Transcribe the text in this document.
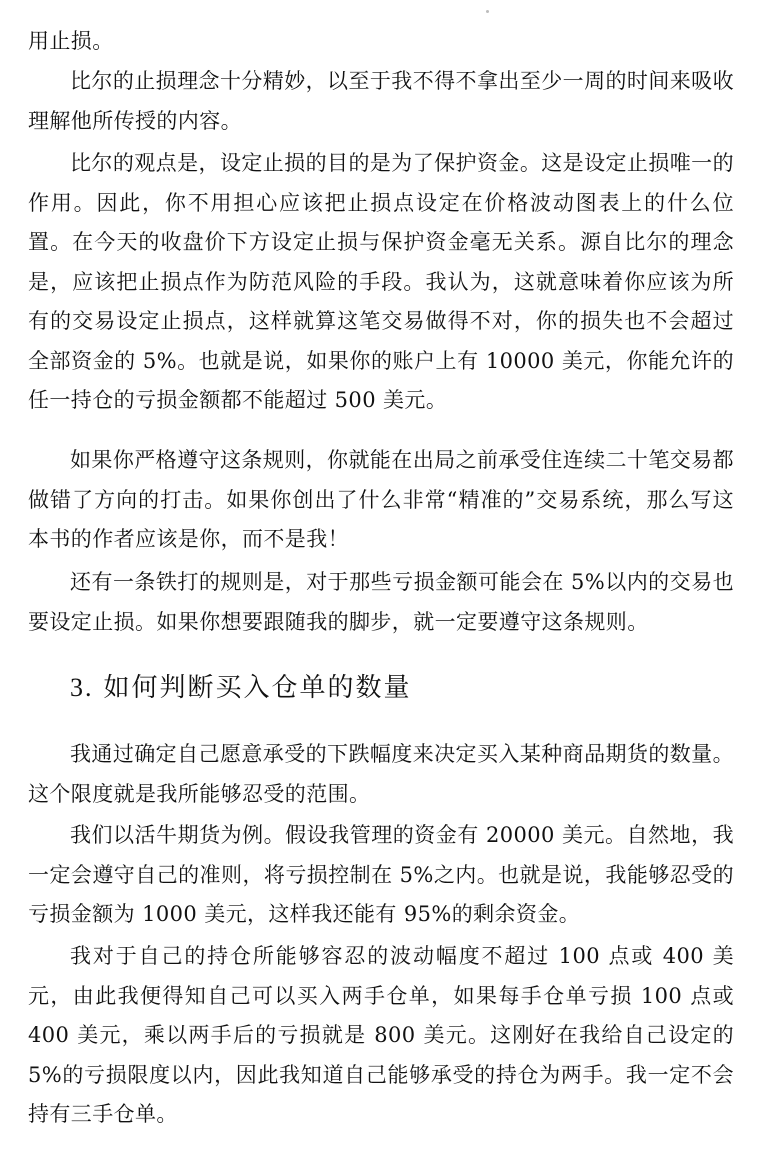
用止损。

比尔的止损理念十分精妙，以至于我不得不拿出至少一周的时间来吸收理解他所传授的内容。

比尔的观点是，设定止损的目的是为了保护资金。这是设定止损唯一的作用。因此，你不用担心应该把止损点设定在价格波动图表上的什么位置。在今天的收盘价下方设定止损与保护资金毫无关系。源自比尔的理念是，应该把止损点作为防范风险的手段。我认为，这就意味着你应该为所有的交易设定止损点，这样就算这笔交易做得不对，你的损失也不会超过全部资金的 5%。也就是说，如果你的账户上有 10000 美元，你能允许的任一持仓的亏损金额都不能超过 500 美元。

如果你严格遵守这条规则，你就能在出局之前承受住连续二十笔交易都做错了方向的打击。如果你创出了什么非常“精准的”交易系统，那么写这本书的作者应该是你，而不是我！

还有一条铁打的规则是，对于那些亏损金额可能会在 5%以内的交易也要设定止损。如果你想要跟随我的脚步，就一定要遵守这条规则。

3. 如何判断买入仓单的数量

我通过确定自己愿意承受的下跌幅度来决定买入某种商品期货的数量。这个限度就是我所能够忍受的范围。

我们以活牛期货为例。假设我管理的资金有 20000 美元。自然地，我一定会遵守自己的准则，将亏损控制在 5%之内。也就是说，我能够忍受的亏损金额为 1000 美元，这样我还能有 95%的剩余资金。

我对于自己的持仓所能够容忍的波动幅度不超过 100 点或 400 美元，由此我便得知自己可以买入两手仓单，如果每手仓单亏损 100 点或400 美元，乘以两手后的亏损就是 800 美元。这刚好在我给自己设定的5%的亏损限度以内，因此我知道自己能够承受的持仓为两手。我一定不会持有三手仓单。
